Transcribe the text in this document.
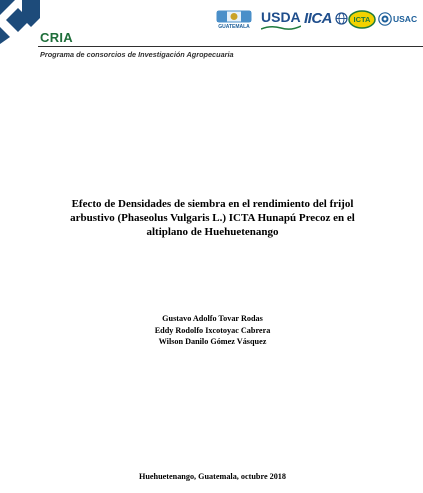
CRIA
Programa de consorcios de Investigación Agropecuaria
GUATEMALA
USDA IICA	ICTA	USAC
Efecto de Densidades de siembra en el rendimiento del frijol
arbustivo (Phaseolus Vulgaris L.) ICTA Hunapú Precoz en el
altiplano de Huehuetenango
Gustavo Adolfo Tovar Rodas
Eddy Rodolfo Ixcotoyac Cabrera
Wilson Danilo Gómez Vásquez
Huehuetenango, Guatemala, octubre 2018
